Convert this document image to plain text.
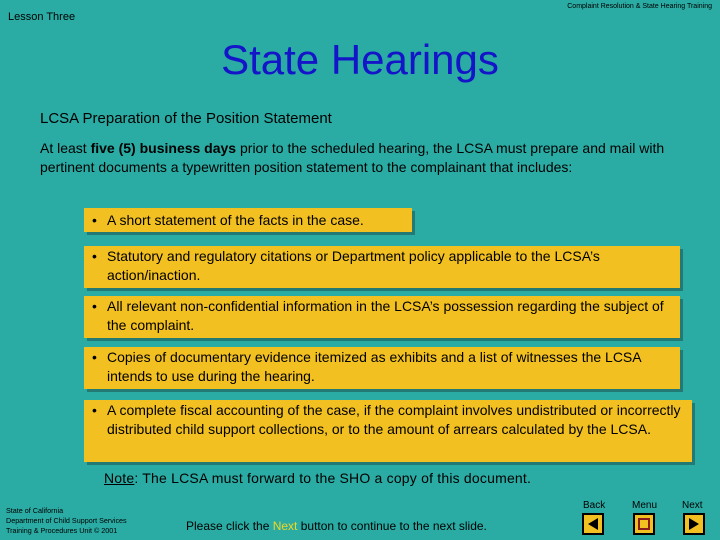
Lesson Three
Complaint Resolution & State Hearing Training
State Hearings
LCSA Preparation of the Position Statement
At least five (5) business days prior to the scheduled hearing, the LCSA must prepare and mail with pertinent documents a typewritten position statement to the complainant that includes:
• A short statement of the facts in the case.
• Statutory and regulatory citations or Department policy applicable to the LCSA’s action/inaction.
• All relevant non-confidential information in the LCSA’s possession regarding the subject of the complaint.
• Copies of documentary evidence itemized as exhibits and a list of witnesses the LCSA intends to use during the hearing.
• A complete fiscal accounting of the case, if the complaint involves undistributed or incorrectly distributed child support collections, or to the amount of arrears calculated by the LCSA.
Note: The LCSA must forward to the SHO a copy of this document.
State of California
Department of Child Support Services
Training & Procedures Unit © 2001	Please click the Next button to continue to the next slide.
Back	Menu Next
